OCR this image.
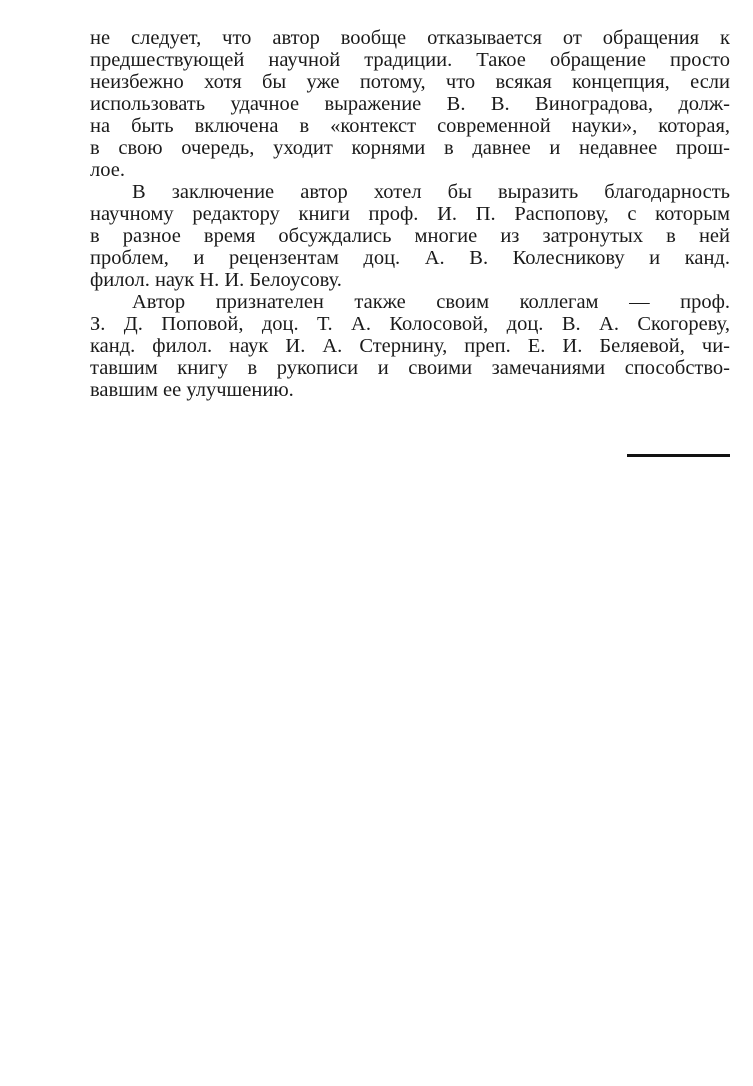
не следует, что автор вообще отказывается от обращения к
предшествующей научной традиции. Такое обращение просто
неизбежно хотя бы уже потому, что всякая концепция, если
использовать удачное выражение В. В. Виноградова, долж-
на быть включена в «контекст современной науки», которая,
в свою очередь, уходит корнями в давнее и недавнее прош-
лое.
В заключение автор хотел бы выразить благодарность
научному редактору книги проф. И. П. Распопову, с которым
в разное время обсуждались многие из затронутых в ней
проблем, и рецензентам доц. А. В. Колесникову и канд.
филол. наук Н. И. Белоусову.
Автор признателен также своим коллегам — проф.
З. Д. Поповой, доц. Т. А. Колосовой, доц. В. А. Скогореву,
канд. филол. наук И. А. Стернину, преп. Е. И. Беляевой, чи-
тавшим книгу в рукописи и своими замечаниями способство-
вавшим ее улучшению.
